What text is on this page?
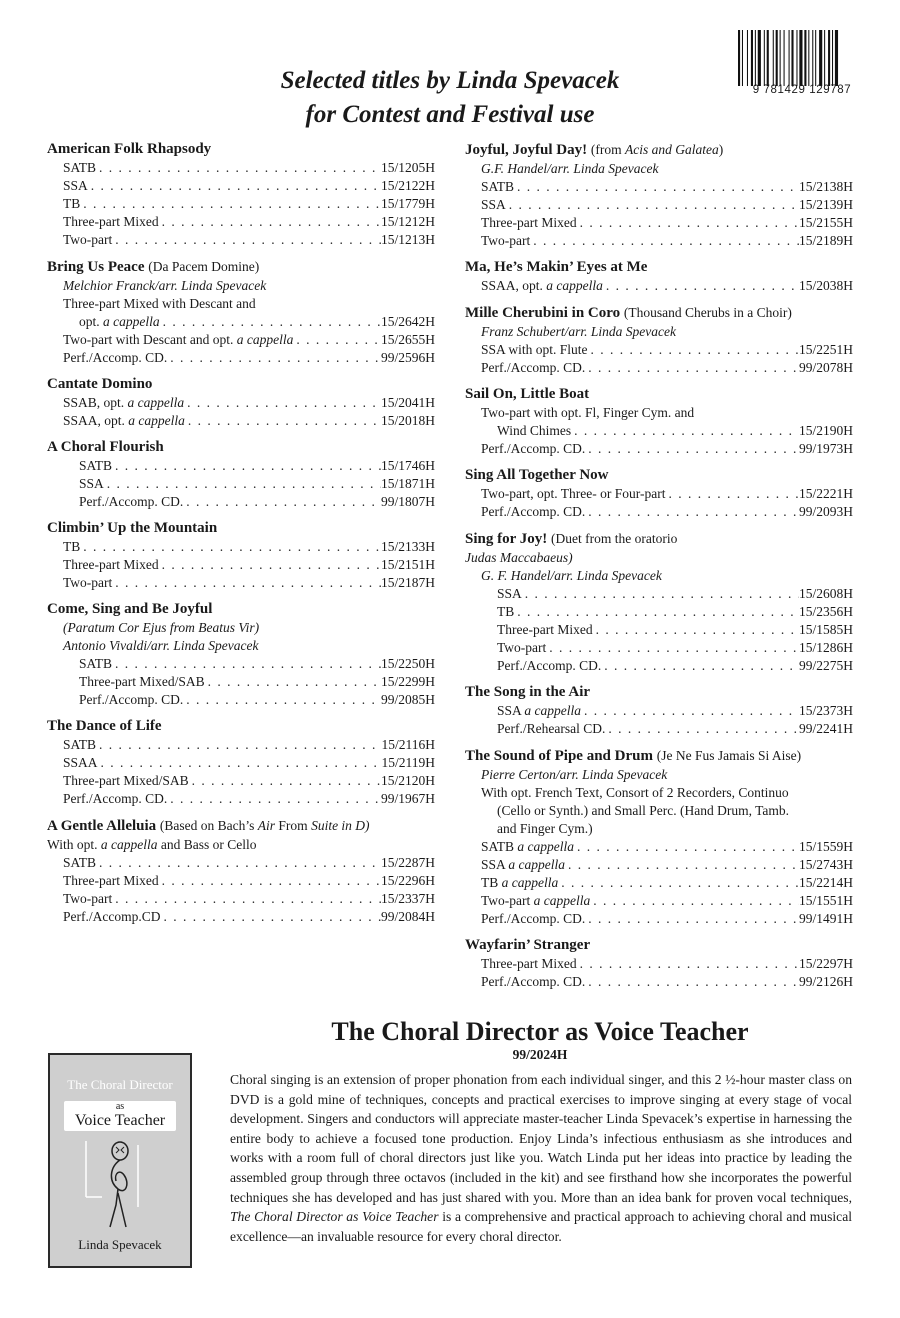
9 781429 129787
Selected titles by Linda Spevacek
for Contest and Festival use
American Folk Rhapsody
SATB . . .	15/1205H
SSA . . .	15/2122H
TB . . .	15/1779H
Three-part Mixed . . .	15/1212H
Two-part . . .	15/1213H
Bring Us Peace (Da Pacem Domine)
Melchior Franck/arr. Linda Spevacek
Three-part Mixed with Descant and
opt. a cappella . . .	15/2642H
Two-part with Descant and opt. a cappella . . .	15/2655H
Perf./Accomp. CD. . . .	99/2596H
Cantate Domino
SSAB, opt. a cappella . . .	15/2041H
SSAA, opt. a cappella . . .	15/2018H
A Choral Flourish
SATB . . .	15/1746H
SSA . . .	15/1871H
Perf./Accomp. CD. . . .	99/1807H
Climbin’ Up the Mountain
TB . . .	15/2133H
Three-part Mixed . . .	15/2151H
Two-part . . .	15/2187H
Come, Sing and Be Joyful
(Paratum Cor Ejus from Beatus Vir)
Antonio Vivaldi/arr. Linda Spevacek
SATB . . .	15/2250H
Three-part Mixed/SAB . . .	15/2299H
Perf./Accomp. CD. . . .	99/2085H
The Dance of Life
SATB . . .	15/2116H
SSAA . . .	15/2119H
Three-part Mixed/SAB . . .	15/2120H
Perf./Accomp. CD. . . .	99/1967H
A Gentle Alleluia (Based on Bach’s Air From Suite in D)
With opt. a cappella and Bass or Cello
SATB . . .	15/2287H
Three-part Mixed . . .	15/2296H
Two-part . . .	15/2337H
Perf./Accomp.CD . . .	99/2084H
Joyful, Joyful Day! (from Acis and Galatea)
G.F. Handel/arr. Linda Spevacek
SATB . . .	15/2138H
SSA . . .	15/2139H
Three-part Mixed . . .	15/2155H
Two-part . . .	15/2189H
Ma, He’s Makin’ Eyes at Me
SSAA, opt. a cappella . . .	15/2038H
Mille Cherubini in Coro (Thousand Cherubs in a Choir)
Franz Schubert/arr. Linda Spevacek
SSA with opt. Flute . . .	15/2251H
Perf./Accomp. CD. . . .	99/2078H
Sail On, Little Boat
Two-part with opt. Fl, Finger Cym. and
Wind Chimes . . .	15/2190H
Perf./Accomp. CD. . . .	99/1973H
Sing All Together Now
Two-part, opt. Three- or Four-part . . .	15/2221H
Perf./Accomp. CD. . . .	99/2093H
Sing for Joy! (Duet from the oratorio
Judas Maccabaeus)
G. F. Handel/arr. Linda Spevacek
SSA . . .	15/2608H
TB . . .	15/2356H
Three-part Mixed . . .	15/1585H
Two-part . . .	15/1286H
Perf./Accomp. CD. . . .	99/2275H
The Song in the Air
SSA a cappella . . .	15/2373H
Perf./Rehearsal CD. . . .	99/2241H
The Sound of Pipe and Drum (Je Ne Fus Jamais Si Aise)
Pierre Certon/arr. Linda Spevacek
With opt. French Text, Consort of 2 Recorders, Continuo
(Cello or Synth.) and Small Perc. (Hand Drum, Tamb.
and Finger Cym.)
SATB a cappella . . .	15/1559H
SSA a cappella . . .	15/2743H
TB a cappella . . .	15/2214H
Two-part a cappella . . .	15/1551H
Perf./Accomp. CD. . . .	99/1491H
Wayfarin’ Stranger
Three-part Mixed . . .	15/2297H
Perf./Accomp. CD. . . .	99/2126H
The Choral Director as Voice Teacher
99/2024H
The Choral Director
as
Voice Teacher
Linda Spevacek
Choral singing is an extension of proper phonation from each individual singer, and this 2 ½-hour master class on DVD is a gold mine of techniques, concepts and practical exercises to improve singing at every stage of vocal development. Singers and conductors will appreciate master-teacher Linda Spevacek’s expertise in harnessing the entire body to achieve a focused tone production. Enjoy Linda’s infectious enthusiasm as she introduces and works with a room full of choral directors just like you. Watch Linda put her ideas into practice by leading the assembled group through three octavos (included in the kit) and see firsthand how she incorporates the powerful techniques she has developed and has just shared with you. More than an idea bank for proven vocal techniques, The Choral Director as Voice Teacher is a comprehensive and practical approach to achieving choral and musical excellence—an invaluable resource for every choral director.
